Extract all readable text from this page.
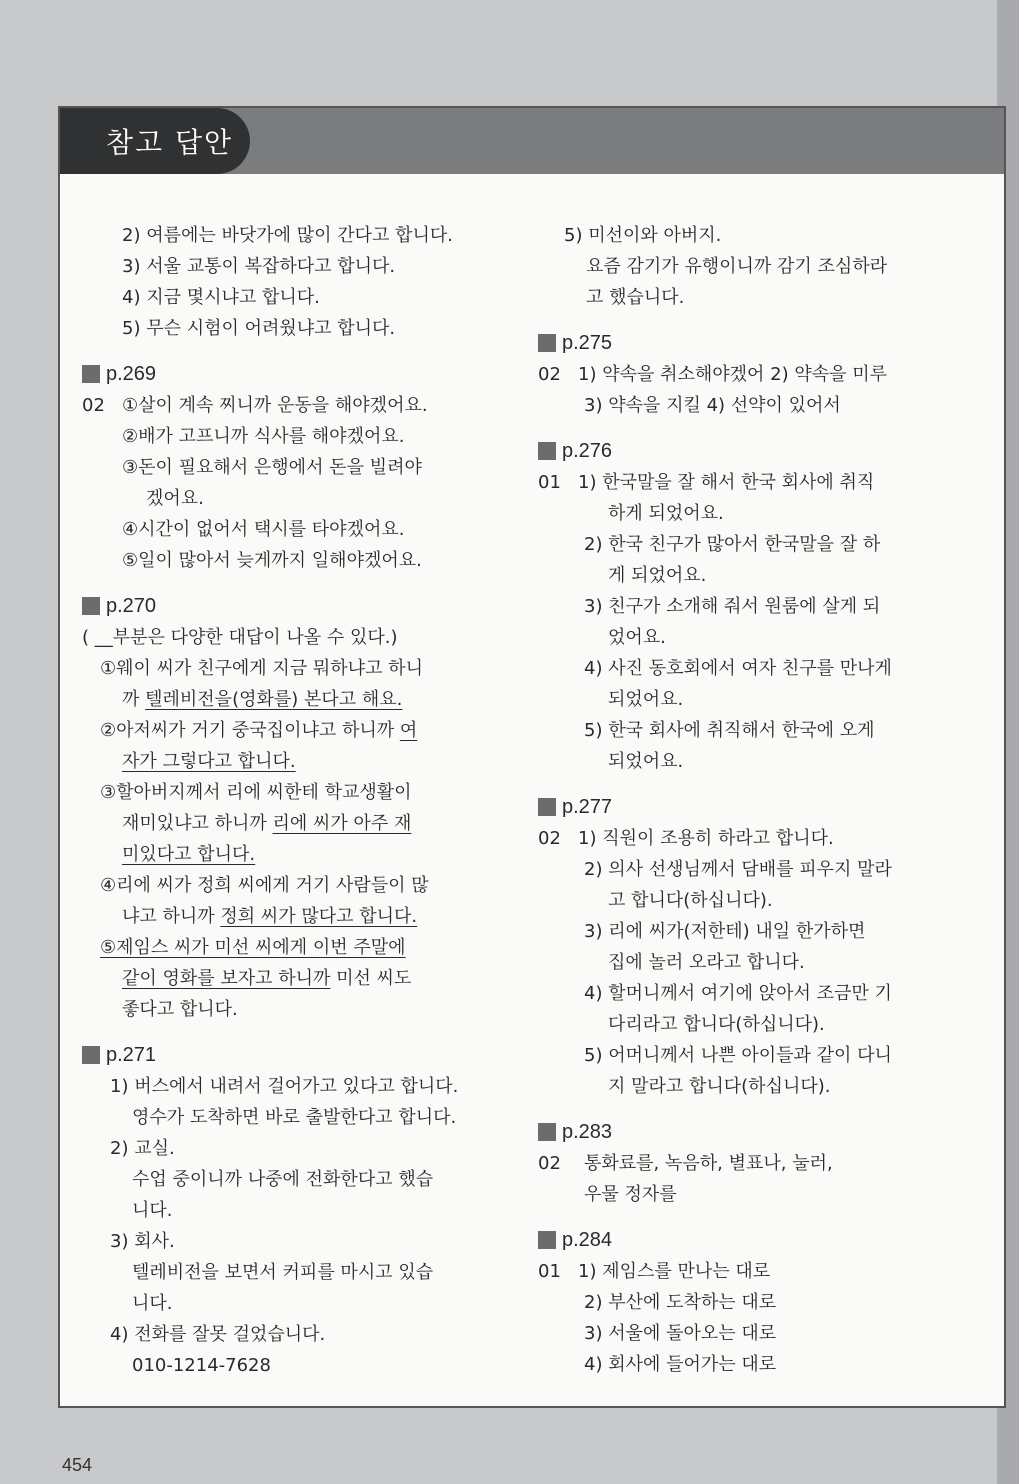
참고 답안
2) 여름에는 바닷가에 많이 간다고 합니다.
3) 서울 교통이 복잡하다고 합니다.
4) 지금 몇시냐고 합니다.
5) 무슨 시험이 어려웠냐고 합니다.
p.269
02 ①살이 계속 찌니까 운동을 해야겠어요.
②배가 고프니까 식사를 해야겠어요.
③돈이 필요해서 은행에서 돈을 빌려야
겠어요.
④시간이 없어서 택시를 타야겠어요.
⑤일이 많아서 늦게까지 일해야겠어요.
p.270
( __부분은 다양한 대답이 나올 수 있다.)
①웨이 씨가 친구에게 지금 뭐하냐고 하니
까 텔레비전을(영화를) 본다고 해요.
②아저씨가 거기 중국집이냐고 하니까 여
자가 그렇다고 합니다.
③할아버지께서 리에 씨한테 학교생활이
재미있냐고 하니까 리에 씨가 아주 재
미있다고 합니다.
④리에 씨가 정희 씨에게 거기 사람들이 많
냐고 하니까 정희 씨가 많다고 합니다.
⑤제임스 씨가 미선 씨에게 이번 주말에
같이 영화를 보자고 하니까 미선 씨도
좋다고 합니다.
p.271
1) 버스에서 내려서 걸어가고 있다고 합니다.
영수가 도착하면 바로 출발한다고 합니다.
2) 교실.
수업 중이니까 나중에 전화한다고 했습
니다.
3) 회사.
텔레비전을 보면서 커피를 마시고 있습
니다.
4) 전화를 잘못 걸었습니다.
010-1214-7628
5) 미선이와 아버지.
요즘 감기가 유행이니까 감기 조심하라
고 했습니다.
p.275
02 1) 약속을 취소해야겠어 2) 약속을 미루
3) 약속을 지킬 4) 선약이 있어서
p.276
01 1) 한국말을 잘 해서 한국 회사에 취직
하게 되었어요.
2) 한국 친구가 많아서 한국말을 잘 하
게 되었어요.
3) 친구가 소개해 줘서 원룸에 살게 되
었어요.
4) 사진 동호회에서 여자 친구를 만나게
되었어요.
5) 한국 회사에 취직해서 한국에 오게
되었어요.
p.277
02 1) 직원이 조용히 하라고 합니다.
2) 의사 선생님께서 담배를 피우지 말라
고 합니다(하십니다).
3) 리에 씨가(저한테) 내일 한가하면
집에 놀러 오라고 합니다.
4) 할머니께서 여기에 앉아서 조금만 기
다리라고 합니다(하십니다).
5) 어머니께서 나쁜 아이들과 같이 다니
지 말라고 합니다(하십니다).
p.283
02 통화료를, 녹음하, 별표나, 눌러,
우물 정자를
p.284
01 1) 제임스를 만나는 대로
2) 부산에 도착하는 대로
3) 서울에 돌아오는 대로
4) 회사에 들어가는 대로
454
